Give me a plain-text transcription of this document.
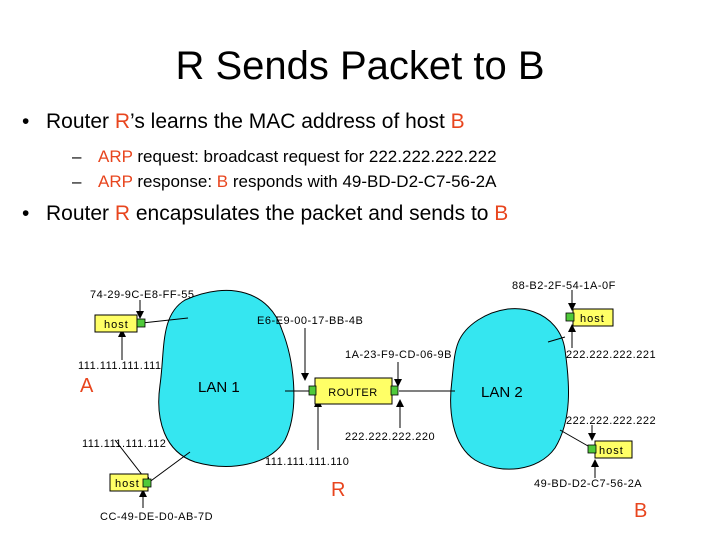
R Sends Packet to B
• Router R’s learns the MAC address of host B
– ARP request: broadcast request for 222.222.222.222
– ARP response: B responds with 49-BD-D2-C7-56-2A
• Router R encapsulates the packet and sends to B
host
host
ROUTER
host
host
LAN 1	LAN 2
74-29-9C-E8-FF-55
111.111.111.111
111.111.111.112
CC-49-DE-D0-AB-7D
E6-E9-00-17-BB-4B
1A-23-F9-CD-06-9B
222.222.222.220
111.111.111.110
88-B2-2F-54-1A-0F
222.222.222.221
222.222.222.222
49-BD-D2-C7-56-2A
A
R
B
